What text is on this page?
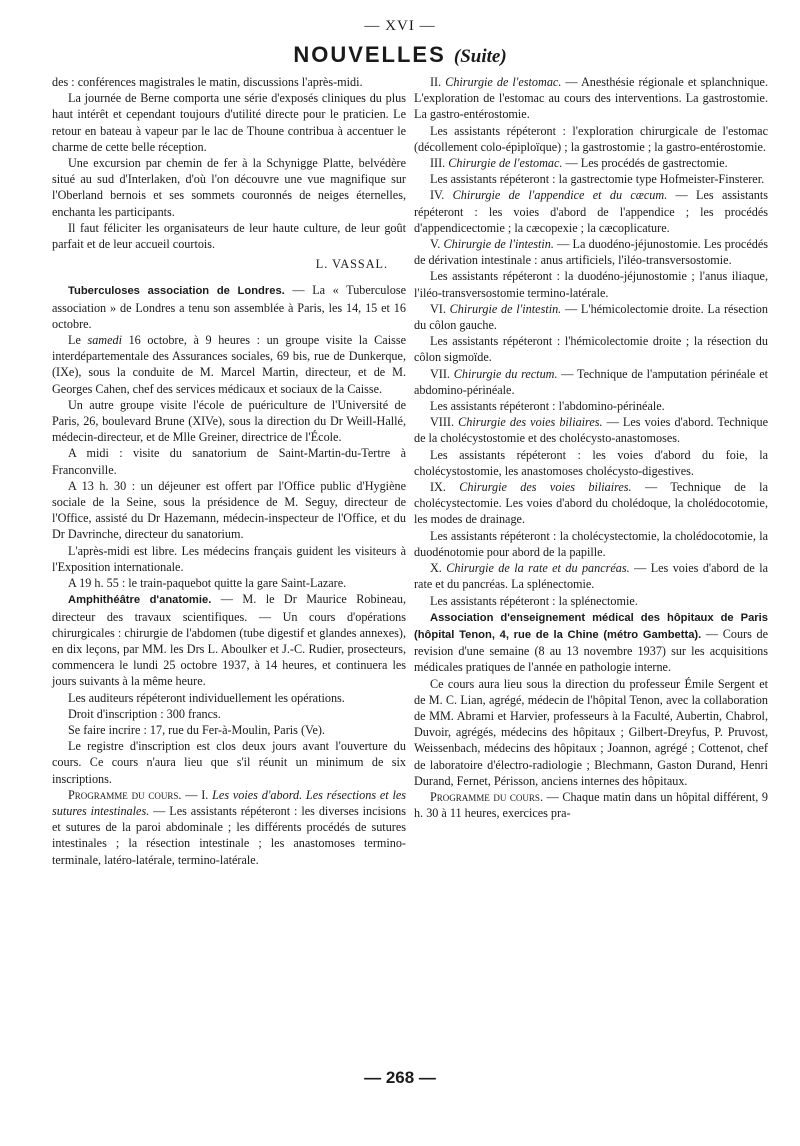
— XVI —
NOUVELLES (Suite)

des : conférences magistrales le matin, discussions l'après-midi.

La journée de Berne comporta une série d'exposés cliniques du plus haut intérêt et cependant toujours d'utilité directe pour le praticien. Le retour en bateau à vapeur par le lac de Thoune contribua à accentuer le charme de cette belle réception.

Une excursion par chemin de fer à la Schynigge Platte, belvédère situé au sud d'Interlaken, d'où l'on découvre une vue magnifique sur l'Oberland bernois et ses sommets couronnés de neiges éternelles, enchanta les participants.

Il faut féliciter les organisateurs de leur haute culture, de leur goût parfait et de leur accueil courtois.

L. VASSAL.

Tuberculoses association de Londres. — La « Tuberculose association » de Londres a tenu son assemblée à Paris, les 14, 15 et 16 octobre.

Le samedi 16 octobre, à 9 heures : un groupe visite la Caisse interdépartementale des Assurances sociales, 69 bis, rue de Dunkerque, (IXe), sous la conduite de M. Marcel Martin, directeur, et de M. Georges Cahen, chef des services médicaux et sociaux de la Caisse.

Un autre groupe visite l'école de puériculture de l'Université de Paris, 26, boulevard Brune (XIVe), sous la direction du Dr Weill-Hallé, médecin-directeur, et de Mlle Greiner, directrice de l'École.

A midi : visite du sanatorium de Saint-Martin-du-Tertre à Franconville.

A 13 h. 30 : un déjeuner est offert par l'Office public d'Hygiène sociale de la Seine, sous la présidence de M. Seguy, directeur de l'Office, assisté du Dr Hazemann, médecin-inspecteur de l'Office, et du Dr Davrinche, directeur du sanatorium.

L'après-midi est libre. Les médecins français guident les visiteurs à l'Exposition internationale.

A 19 h. 55 : le train-paquebot quitte la gare Saint-Lazare.

Amphithéâtre d'anatomie. — M. le Dr Maurice Robineau, directeur des travaux scientifiques. — Un cours d'opérations chirurgicales : chirurgie de l'abdomen (tube digestif et glandes annexes), en dix leçons, par MM. les Drs L. Aboulker et J.-C. Rudier, prosecteurs, commencera le lundi 25 octobre 1937, à 14 heures, et continuera les jours suivants à la même heure.

Les auditeurs répéteront individuellement les opérations.

Droit d'inscription : 300 francs.

Se faire incrire : 17, rue du Fer-à-Moulin, Paris (Ve).

Le registre d'inscription est clos deux jours avant l'ouverture du cours. Ce cours n'aura lieu que s'il réunit un minimum de six inscriptions.

Programme du cours. — I. Les voies d'abord. Les résections et les sutures intestinales. — Les assistants répéteront : les diverses incisions et sutures de la paroi abdominale ; les différents procédés de sutures intestinales ; la résection intestinale ; les anastomoses termino-terminale, latéro-latérale, termino-latérale.

II. Chirurgie de l'estomac. — Anesthésie régionale et splanchnique. L'exploration de l'estomac au cours des interventions. La gastrostomie. La gastro-entérostomie.

Les assistants répéteront : l'exploration chirurgicale de l'estomac (décollement colo-épiploïque) ; la gastrostomie ; la gastro-entérostomie.

III. Chirurgie de l'estomac. — Les procédés de gastrectomie.

Les assistants répéteront : la gastrectomie type Hofmeister-Finsterer.

IV. Chirurgie de l'appendice et du cæcum. — Les assistants répéteront : les voies d'abord de l'appendice ; les procédés d'appendicectomie ; la cæcopexie ; la cæcoplicature.

V. Chirurgie de l'intestin. — La duodéno-jéjunostomie. Les procédés de dérivation intestinale : anus artificiels, l'iléo-transversostomie.

Les assistants répéteront : la duodéno-jéjunostomie ; l'anus iliaque, l'iléo-transversostomie termino-latérale.

VI. Chirurgie de l'intestin. — L'hémicolectomie droite. La résection du côlon gauche.

Les assistants répéteront : l'hémicolectomie droite ; la résection du côlon sigmoïde.

VII. Chirurgie du rectum. — Technique de l'amputation périnéale et abdomino-périnéale.

Les assistants répéteront : l'abdomino-périnéale.

VIII. Chirurgie des voies biliaires. — Les voies d'abord. Technique de la cholécystostomie et des cholécysto-anastomoses.

Les assistants répéteront : les voies d'abord du foie, la cholécystostomie, les anastomoses cholécysto-digestives.

IX. Chirurgie des voies biliaires. — Technique de la cholécystectomie. Les voies d'abord du cholédoque, la cholédocotomie, les modes de drainage.

Les assistants répéteront : la cholécystectomie, la cholédocotomie, la duodénotomie pour abord de la papille.

X. Chirurgie de la rate et du pancréas. — Les voies d'abord de la rate et du pancréas. La splénectomie.

Les assistants répéteront : la splénectomie.

Association d'enseignement médical des hôpitaux de Paris (hôpital Tenon, 4, rue de la Chine (métro Gambetta). — Cours de revision d'une semaine (8 au 13 novembre 1937) sur les acquisitions médicales pratiques de l'année en pathologie interne.

Ce cours aura lieu sous la direction du professeur Émile Sergent et de M. C. Lian, agrégé, médecin de l'hôpital Tenon, avec la collaboration de MM. Abrami et Harvier, professeurs à la Faculté, Aubertin, Chabrol, Duvoir, agrégés, médecins des hôpitaux ; Gilbert-Dreyfus, P. Pruvost, Weissenbach, médecins des hôpitaux ; Joannon, agrégé ; Cottenot, chef de laboratoire d'électro-radiologie ; Blechmann, Gaston Durand, Henri Durand, Fernet, Périsson, anciens internes des hôpitaux.

Programme du cours. — Chaque matin dans un hôpital différent, 9 h. 30 à 11 heures, exercices pra-

— 268 —
